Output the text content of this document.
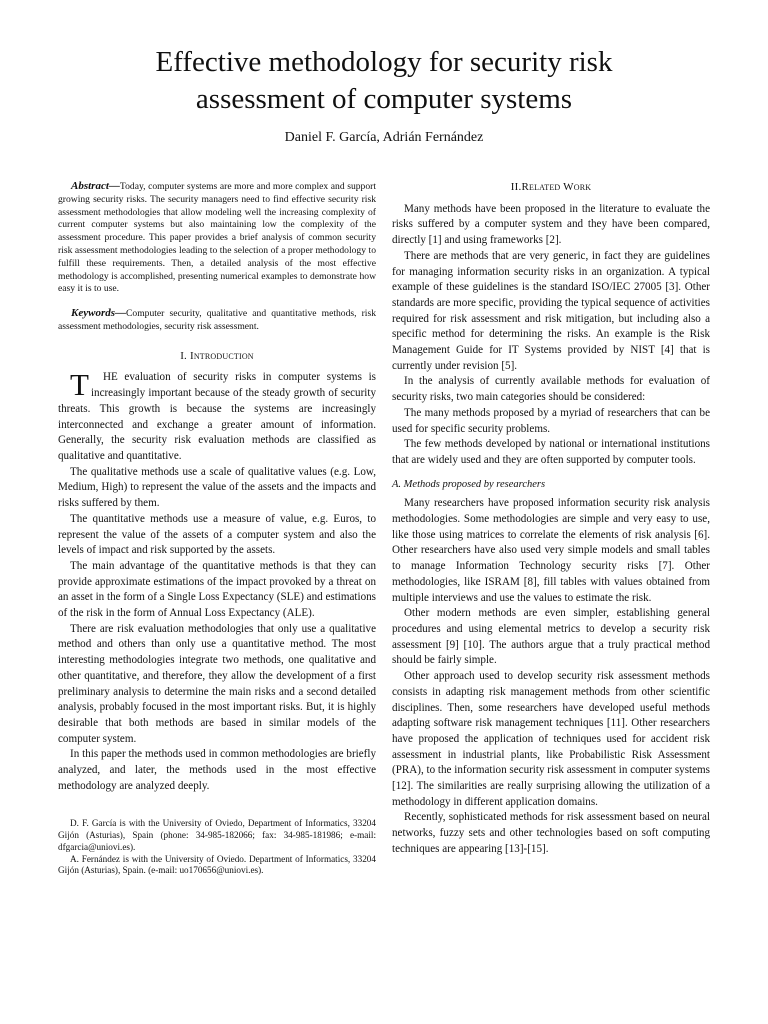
Effective methodology for security risk
assessment of computer systems

Daniel F. García, Adrián Fernández

Abstract—Today, computer systems are more and more complex and support growing security risks. The security managers need to find effective security risk assessment methodologies that allow modeling well the increasing complexity of current computer systems but also maintaining low the complexity of the assessment procedure. This paper provides a brief analysis of common security risk assessment methodologies leading to the selection of a proper methodology to fulfill these requirements. Then, a detailed analysis of the most effective methodology is accomplished, presenting numerical examples to demonstrate how easy it is to use.

Keywords—Computer security, qualitative and quantitative methods, risk assessment methodologies, security risk assessment.

I. Introduction

T HE evaluation of security risks in computer systems is increasingly important because of the steady growth of security threats. This growth is because the systems are increasingly interconnected and exchange a greater amount of information. Generally, the security risk evaluation methods are classified as qualitative and quantitative.

The qualitative methods use a scale of qualitative values (e.g. Low, Medium, High) to represent the value of the assets and the impacts and risks suffered by them.

The quantitative methods use a measure of value, e.g. Euros, to represent the value of the assets of a computer system and also the levels of impact and risk supported by the assets.

The main advantage of the quantitative methods is that they can provide approximate estimations of the impact provoked by a threat on an asset in the form of a Single Loss Expectancy (SLE) and estimations of the risk in the form of Annual Loss Expectancy (ALE).

There are risk evaluation methodologies that only use a qualitative method and others than only use a quantitative method. The most interesting methodologies integrate two methods, one qualitative and other quantitative, and therefore, they allow the development of a first preliminary analysis to determine the main risks and a second detailed analysis, probably focused in the most important risks. But, it is highly desirable that both methods are based in similar models of the computer system.

In this paper the methods used in common methodologies are briefly analyzed, and later, the methods used in the most effective methodology are analyzed deeply.

D. F. García is with the University of Oviedo, Department of Informatics, 33204 Gijón (Asturias), Spain (phone: 34-985-182066; fax: 34-985-181986; e-mail: dfgarcia@uniovi.es).

A. Fernández is with the University of Oviedo. Department of Informatics, 33204 Gijón (Asturias), Spain. (e-mail: uo170656@uniovi.es).

II.Related Work

Many methods have been proposed in the literature to evaluate the risks suffered by a computer system and they have been compared, directly [1] and using frameworks [2].

There are methods that are very generic, in fact they are guidelines for managing information security risks in an organization. A typical example of these guidelines is the standard ISO/IEC 27005 [3]. Other standards are more specific, providing the typical sequence of activities required for risk assessment and risk mitigation, but including also a specific method for determining the risks. An example is the Risk Management Guide for IT Systems provided by NIST [4] that is currently under revision [5].

In the analysis of currently available methods for evaluation of security risks, two main categories should be considered:

The many methods proposed by a myriad of researchers that can be used for specific security problems.

The few methods developed by national or international institutions that are widely used and they are often supported by computer tools.

A. Methods proposed by researchers

Many researchers have proposed information security risk analysis methodologies. Some methodologies are simple and very easy to use, like those using matrices to correlate the elements of risk analysis [6]. Other researchers have also used very simple models and small tables to manage Information Technology security risks [7]. Other methodologies, like ISRAM [8], fill tables with values obtained from multiple interviews and use the values to estimate the risk.

Other modern methods are even simpler, establishing general procedures and using elemental metrics to develop a security risk assessment [9] [10]. The authors argue that a truly practical method should be fairly simple.

Other approach used to develop security risk assessment methods consists in adapting risk management methods from other scientific disciplines. Then, some researchers have developed useful methods adapting software risk management techniques [11]. Other researchers have proposed the application of techniques used for accident risk assessment in industrial plants, like Probabilistic Risk Assessment (PRA), to the information security risk assessment in computer systems [12]. The similarities are really surprising allowing the utilization of a methodology in different application domains.

Recently, sophisticated methods for risk assessment based on neural networks, fuzzy sets and other technologies based on soft computing techniques are appearing [13]-[15].
